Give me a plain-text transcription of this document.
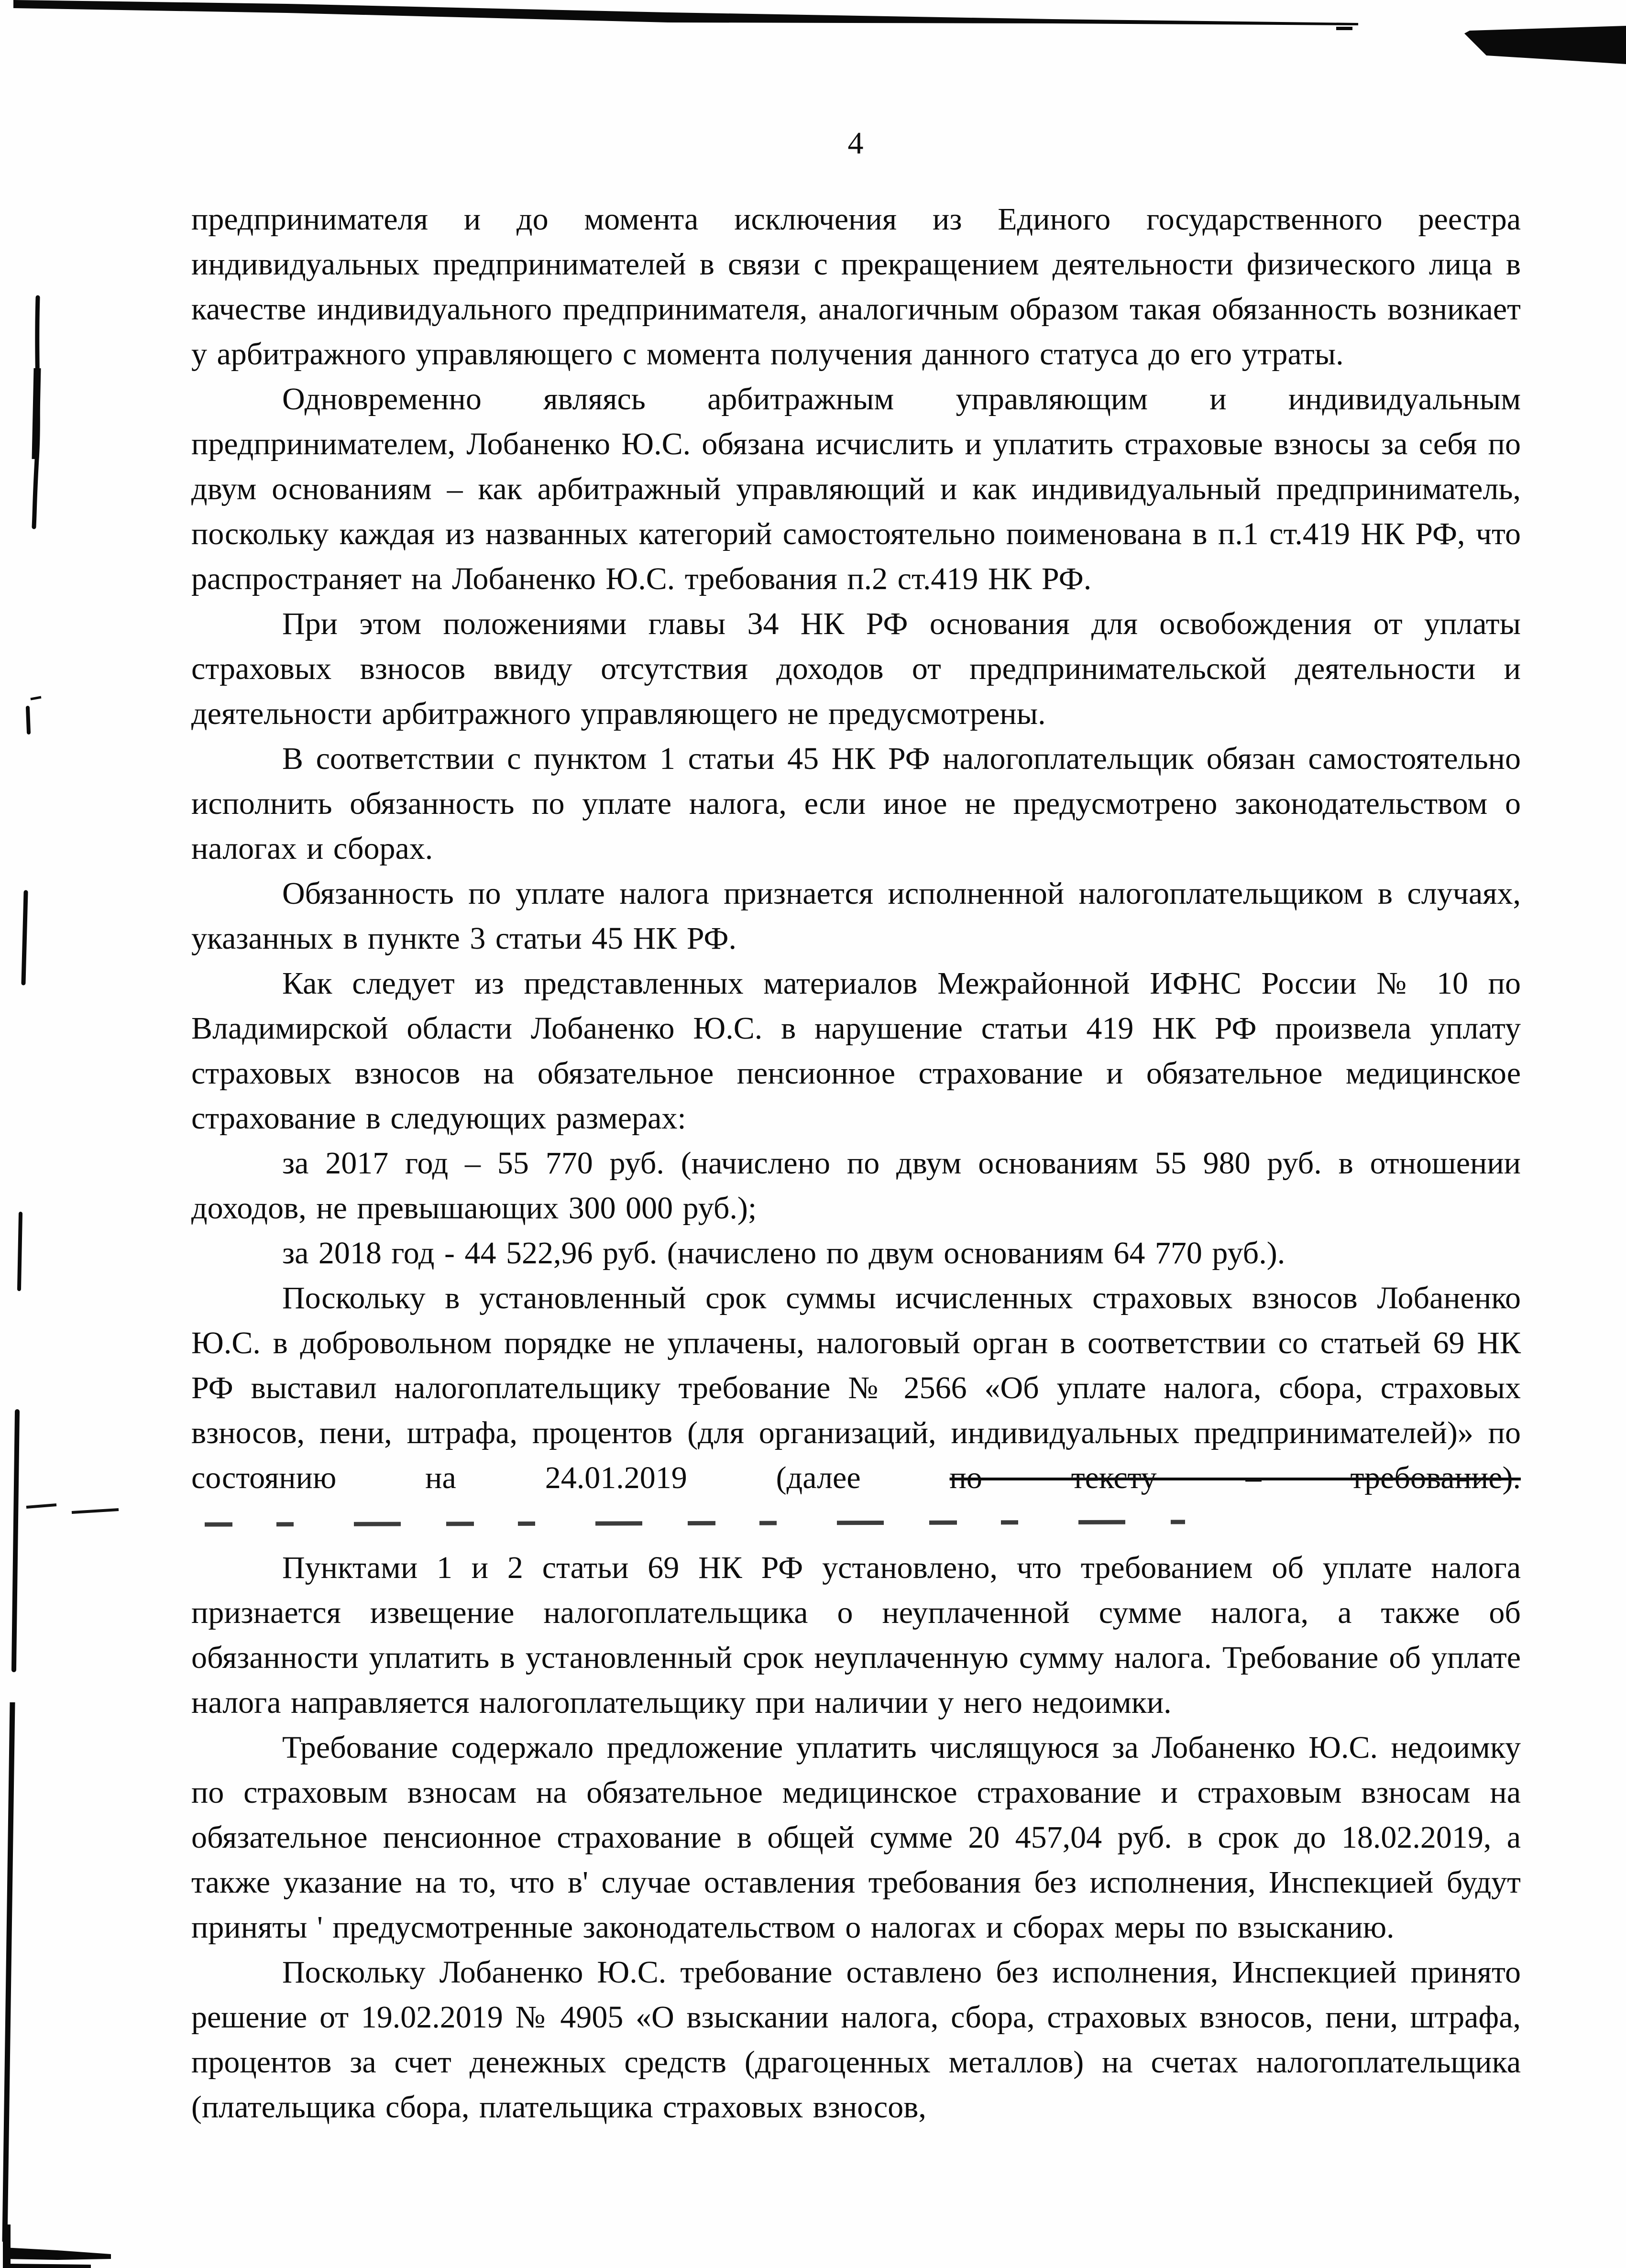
4

предпринимателя и до момента исключения из Единого государственного реестра индивидуальных предпринимателей в связи с прекращением деятельности физического лица в качестве индивидуального предпринимателя, аналогичным образом такая обязанность возникает у арбитражного управляющего с момента получения данного статуса до его утраты.

Одновременно являясь арбитражным управляющим и индивидуальным предпринимателем, Лобаненко Ю.С. обязана исчислить и уплатить страховые взносы за себя по двум основаниям – как арбитражный управляющий и как индивидуальный предприниматель, поскольку каждая из названных категорий самостоятельно поименована в п.1 ст.419 НК РФ, что распространяет на Лобаненко Ю.С. требования п.2 ст.419 НК РФ.

При этом положениями главы 34 НК РФ основания для освобождения от уплаты страховых взносов ввиду отсутствия доходов от предпринимательской деятельности и деятельности арбитражного управляющего не предусмотрены.

В соответствии с пунктом 1 статьи 45 НК РФ налогоплательщик обязан самостоятельно исполнить обязанность по уплате налога, если иное не предусмотрено законодательством о налогах и сборах.

Обязанность по уплате налога признается исполненной налогоплательщиком в случаях, указанных в пункте 3 статьи 45 НК РФ.

Как следует из представленных материалов Межрайонной ИФНС России № 10 по Владимирской области Лобаненко Ю.С. в нарушение статьи 419 НК РФ произвела уплату страховых взносов на обязательное пенсионное страхование и обязательное медицинское страхование в следующих размерах:

за 2017 год – 55 770 руб. (начислено по двум основаниям 55 980 руб. в отношении доходов, не превышающих 300 000 руб.);

за 2018 год - 44 522,96 руб. (начислено по двум основаниям 64 770 руб.).

Поскольку в установленный срок суммы исчисленных страховых взносов Лобаненко Ю.С. в добровольном порядке не уплачены, налоговый орган в соответствии со статьей 69 НК РФ выставил налогоплательщику требование № 2566 «Об уплате налога, сбора, страховых взносов, пени, штрафа, процентов (для организаций, индивидуальных предпринимателей)» по состоянию на 24.01.2019 (далее	по тексту – требование).

Пунктами 1 и 2 статьи 69 НК РФ установлено, что требованием об уплате налога признается извещение налогоплательщика о неуплаченной сумме налога, а также об обязанности уплатить в установленный срок неуплаченную сумму налога. Требование об уплате налога направляется налогоплательщику при наличии у него недоимки.

Требование содержало предложение уплатить числящуюся за Лобаненко Ю.С. недоимку по страховым взносам на обязательное медицинское страхование и страховым взносам на обязательное пенсионное страхование в общей сумме 20 457,04 руб. в срок до 18.02.2019, а также указание на то, что в' случае оставления требования без исполнения, Инспекцией будут приняты ' предусмотренные законодательством о налогах и сборах меры по взысканию.

Поскольку Лобаненко Ю.С. требование оставлено без исполнения, Инспекцией принято решение от 19.02.2019 № 4905 «О взыскании налога, сбора, страховых взносов, пени, штрафа, процентов за счет денежных средств (драгоценных металлов) на счетах налогоплательщика (плательщика сбора, плательщика страховых взносов,
